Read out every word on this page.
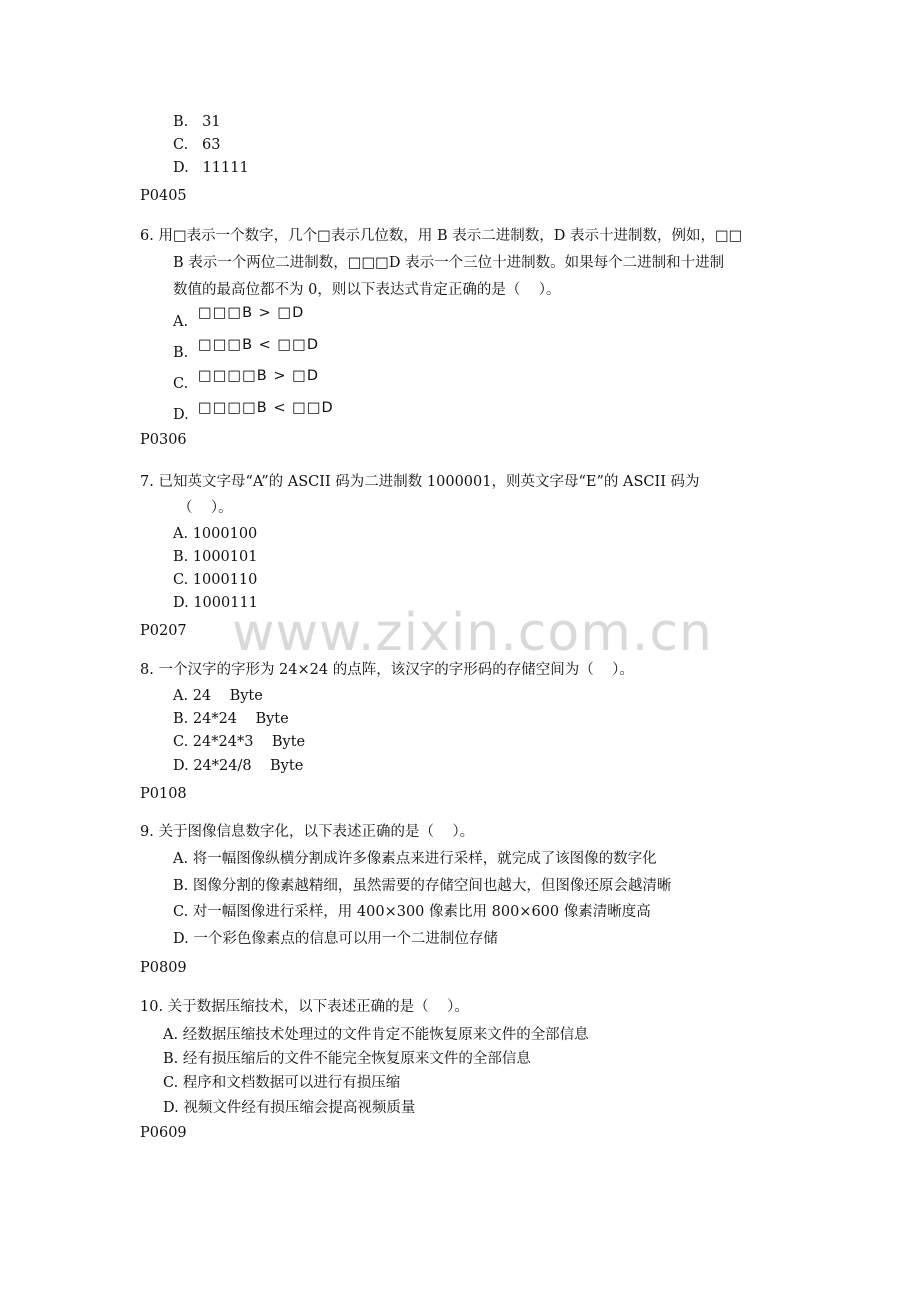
B.   31
C.   63
D.   11111
P0405
6. 用□表示一个数字，几个□表示几位数，用 B 表示二进制数，D 表示十进制数，例如，□□
B 表示一个两位二进制数，□□□D 表示一个三位十进制数。如果每个二进制和十进制
数值的最高位都不为 0，则以下表达式肯定正确的是（    ）。
A.
□□□B > □D
B. □□□B < □□D
C. □□□□B > □D
D. □□□□B < □□D
P0306
7. 已知英文字母“A”的 ASCII 码为二进制数 1000001，则英文字母“E”的 ASCII 码为
（    ）。
A. 1000100
B. 1000101
C. 1000110
D. 1000111
P0207 www.zixin.com.cn
8. 一个汉字的字形为 24×24 的点阵，该汉字的字形码的存储空间为（    ）。
A. 24    Byte
B. 24*24    Byte
C. 24*24*3    Byte
D. 24*24/8    Byte
P0108
9. 关于图像信息数字化，以下表述正确的是（    ）。
A. 将一幅图像纵横分割成许多像素点来进行采样，就完成了该图像的数字化
B. 图像分割的像素越精细，虽然需要的存储空间也越大，但图像还原会越清晰
C. 对一幅图像进行采样，用 400×300 像素比用 800×600 像素清晰度高
D. 一个彩色像素点的信息可以用一个二进制位存储
P0809
10. 关于数据压缩技术，以下表述正确的是（    ）。
A. 经数据压缩技术处理过的文件肯定不能恢复原来文件的全部信息
B. 经有损压缩后的文件不能完全恢复原来文件的全部信息
C. 程序和文档数据可以进行有损压缩
D. 视频文件经有损压缩会提高视频质量
P0609
